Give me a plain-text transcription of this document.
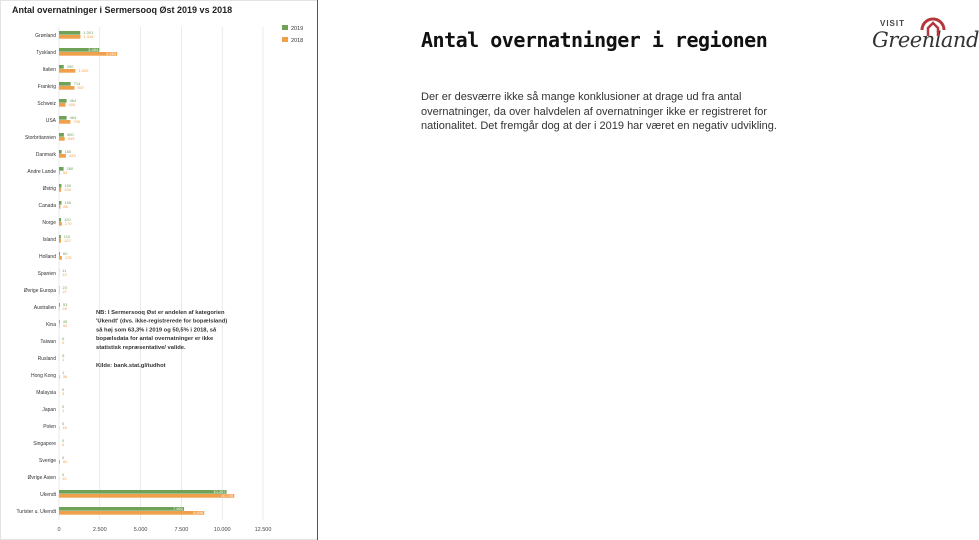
Antal overnatninger i Sermersooq Øst 2019 vs 2018
0	2.500	5.000	7.500	10.000	12.500
Grønland
1.301
1.316
Tyskland
2.464
3.565
Italien
290
1.000
Frankrig
714
947
Schweiz
464
400
USA
464
700
Storbritannien
300
349
Danmark
160
423
Andre Lande
280
54
Østrig
150
128
Canada
150
86
Norge
120
170
Island
110
122
Holland
60
175
Spanien
11
13
Øvrige Europa
23
27
Australien
53
26
Kina
45
30
Taiwan
6
0
Rusland
5
1
Hong Kong
1
36
Malaysia
0
3
Japan
0
1
Polen
0
18
Singapore
0
0
Sverige
0
62
Øvrige Asien
0
10
Ukendt
10.267
10.739
Turister u. Ukendt
7.660
8.898
2019
2018
NB: I Sermersooq Øst er andelen af kategorien 'Ukendt' (dvs. ikke-registrerede for bopælsland) så høj som 63,3% i 2019 og 50,5% i 2018, så bopælsdata for antal overnatninger er ikke statistisk repræsentative/ valide.
Kilde: bank.stat.gl/tudhot
Antal overnatninger i regionen

Der er desværre ikke så mange konklusioner at drage ud fra antal overnatninger, da over halvdelen af overnatninger ikke er registreret for nationalitet. Det fremgår dog at der i 2019 har været en negativ udvikling.

VISIT
Greenland
